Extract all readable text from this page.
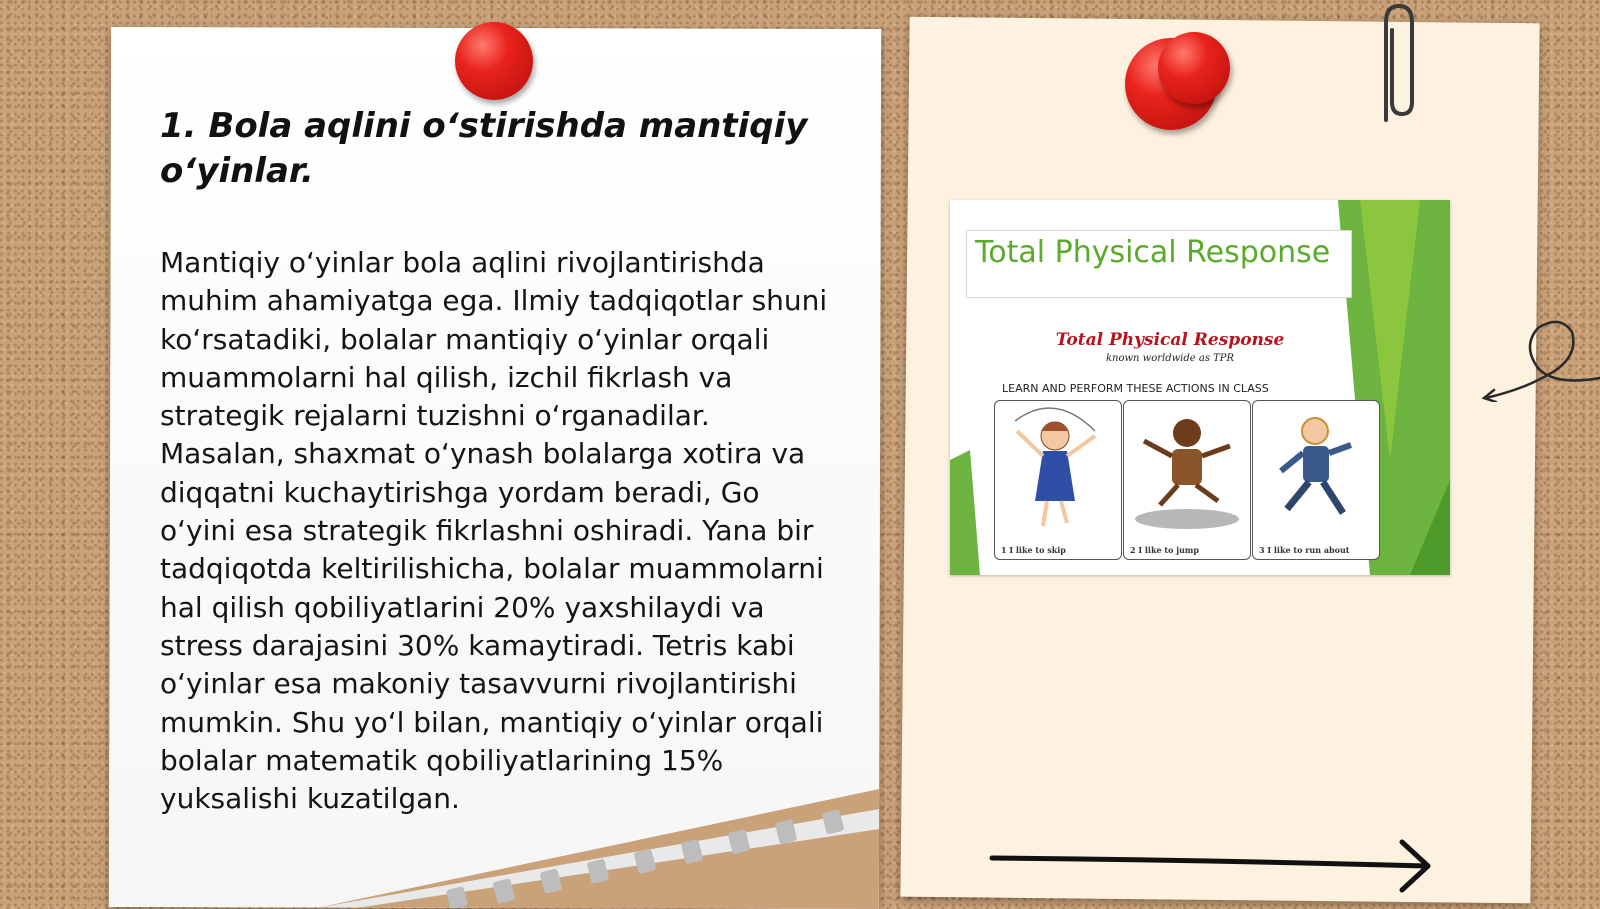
1. Bola aqlini o‘stirishda mantiqiy o‘yinlar.

Mantiqiy o‘yinlar bola aqlini rivojlantirishda muhim ahamiyatga ega. Ilmiy tadqiqotlar shuni ko‘rsatadiki, bolalar mantiqiy o‘yinlar orqali muammolarni hal qilish, izchil fikrlash va strategik rejalarni tuzishni o‘rganadilar. Masalan, shaxmat o‘ynash bolalarga xotira va diqqatni kuchaytirishga yordam beradi, Go o‘yini esa strategik fikrlashni oshiradi. Yana bir tadqiqotda keltirilishicha, bolalar muammolarni hal qilish qobiliyatlarini 20% yaxshilaydi va stress darajasini 30% kamaytiradi. Tetris kabi o‘yinlar esa makoniy tasavvurni rivojlantirishi mumkin. Shu yo‘l bilan, mantiqiy o‘yinlar orqali bolalar matematik qobiliyatlarining 15% yuksalishi kuzatilgan.

Total Physical Response
Total Physical Response
known worldwide as TPR
LEARN AND PERFORM THESE ACTIONS IN CLASS
1 I like to skip	2 I like to jump	3 I like to run about
